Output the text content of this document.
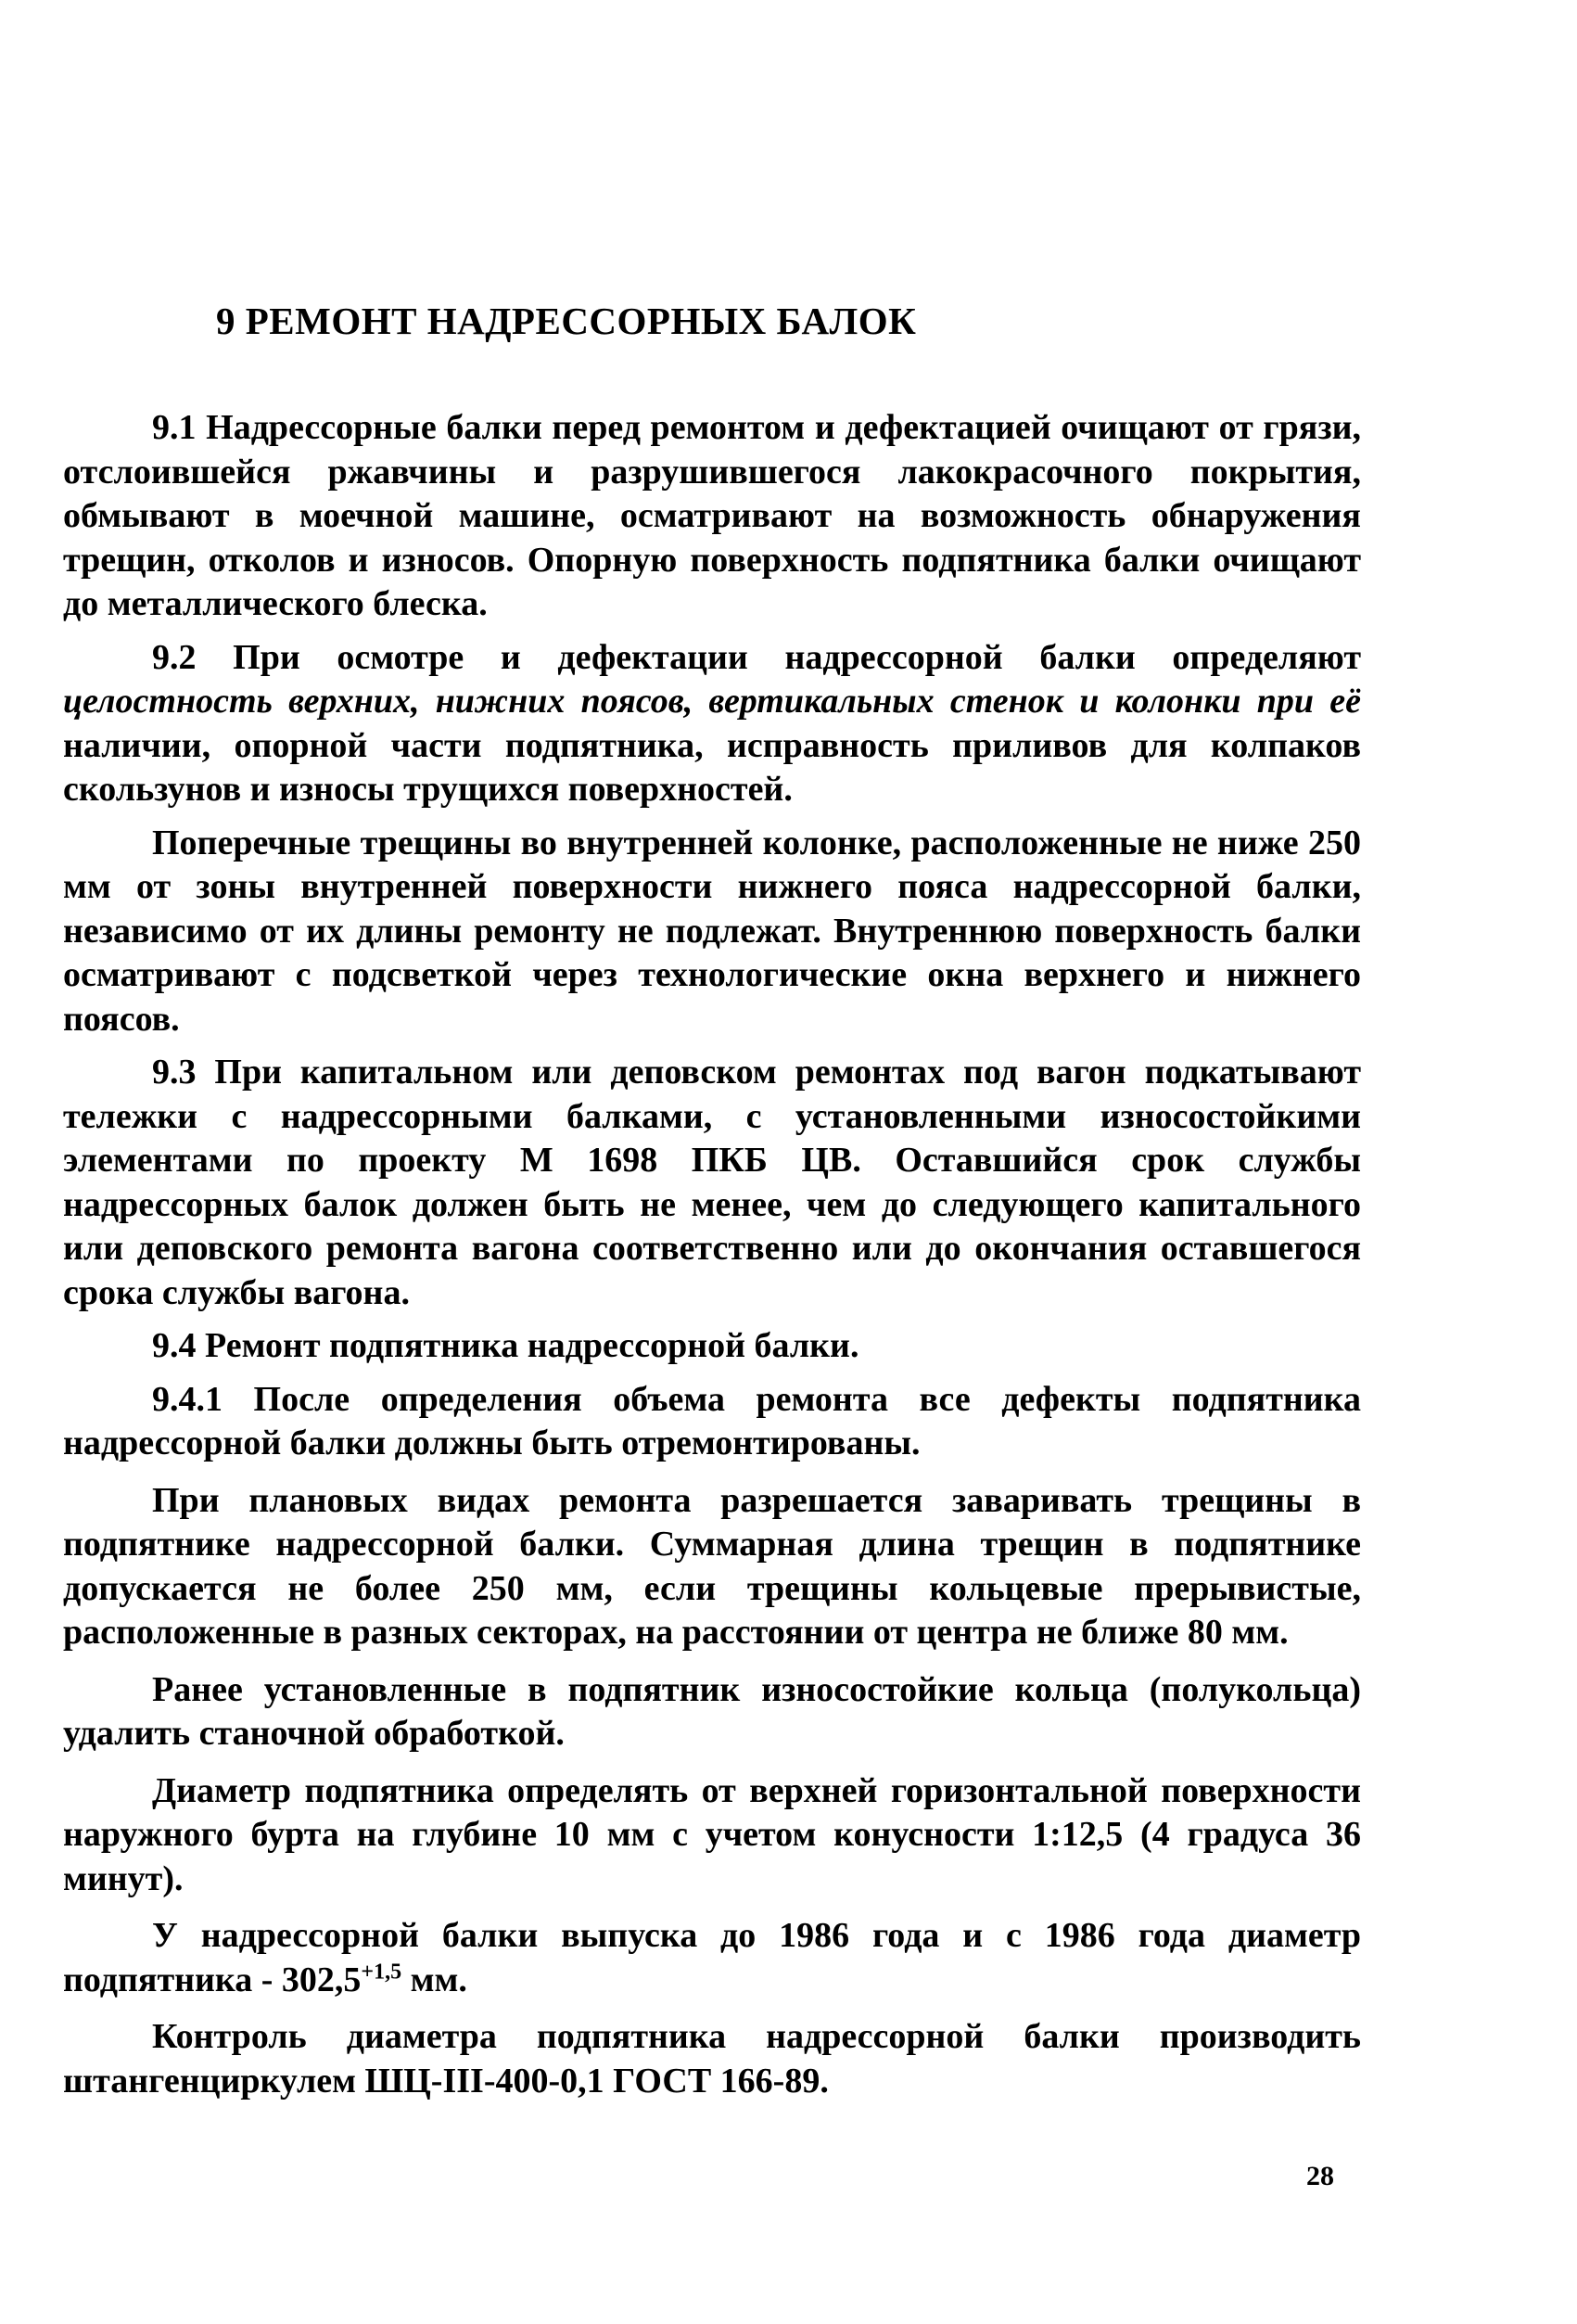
9 РЕМОНТ НАДРЕССОРНЫХ БАЛОК

9.1 Надрессорные балки перед ремонтом и дефектацией очищают от грязи, отслоившейся ржавчины и разрушившегося лакокрасочного покрытия, обмывают в моечной машине, осматривают на возможность обнаружения трещин, отколов и износов. Опорную поверхность подпятника балки очищают до металлического блеска.

9.2 При осмотре и дефектации надрессорной балки определяют целостность верхних, нижних поясов, вертикальных стенок и колонки при её наличии, опорной части подпятника, исправность приливов для колпаков скользунов и износы трущихся поверхностей.

Поперечные трещины во внутренней колонке, расположенные не ниже 250 мм от зоны внутренней поверхности нижнего пояса надрессорной балки, независимо от их длины ремонту не подлежат. Внутреннюю поверхность балки осматривают с подсветкой через технологические окна верхнего и нижнего поясов.

9.3 При капитальном или деповском ремонтах под вагон подкатывают тележки с надрессорными балками, с установленными износостойкими элементами по проекту М 1698 ПКБ ЦВ. Оставшийся срок службы надрессорных балок должен быть не менее, чем до следующего капитального или деповского ремонта вагона соответственно или до окончания оставшегося срока службы вагона.

9.4 Ремонт подпятника надрессорной балки.

9.4.1 После определения объема ремонта все дефекты подпятника надрессорной балки должны быть отремонтированы.

При плановых видах ремонта разрешается заваривать трещины в подпятнике надрессорной балки. Суммарная длина трещин в подпятнике допускается не более 250 мм, если трещины кольцевые прерывистые, расположенные в разных секторах, на расстоянии от центра не ближе 80 мм.

Ранее установленные в подпятник износостойкие кольца (полукольца) удалить станочной обработкой.

Диаметр подпятника определять от верхней горизонтальной поверхности наружного бурта на глубине 10 мм с учетом конусности 1:12,5 (4 градуса 36 минут).

У надрессорной балки выпуска до 1986 года и с 1986 года диаметр подпятника - $302,5^{+1,5}$ мм.

Контроль диаметра подпятника надрессорной балки производить штангенциркулем ШЦ-III-400-0,1 ГОСТ 166-89.

28
